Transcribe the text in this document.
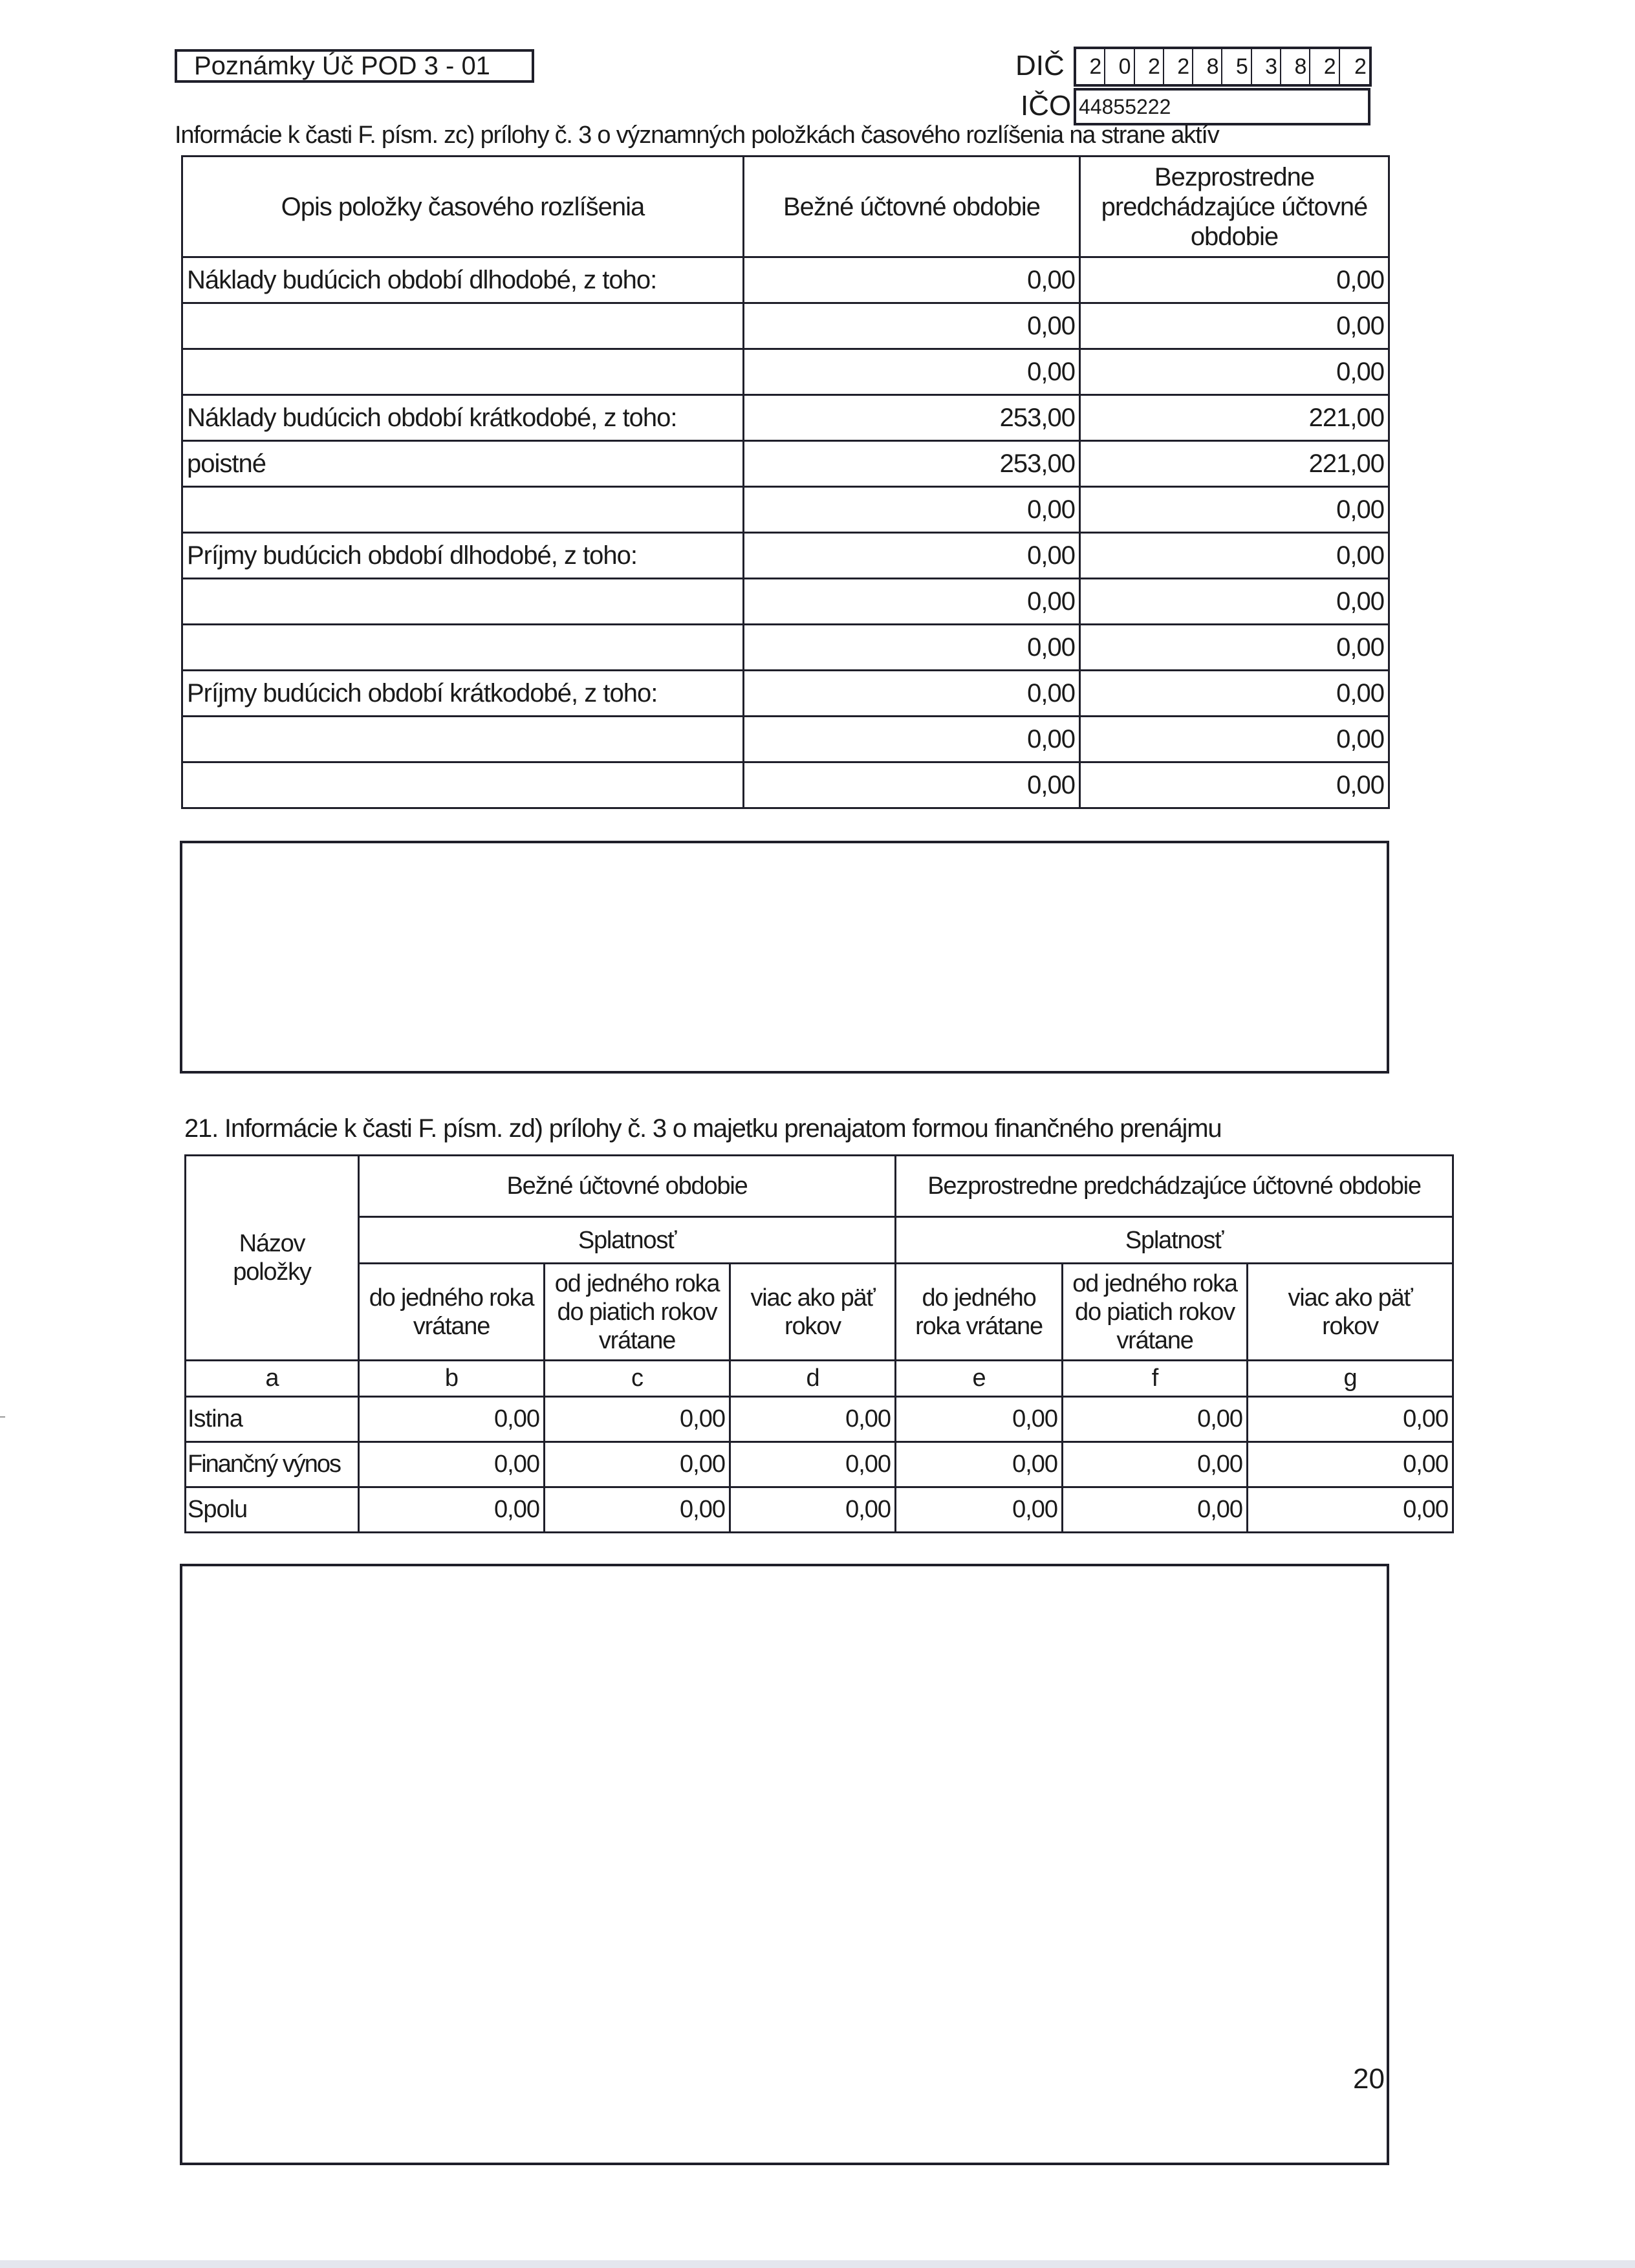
Poznámky Úč POD 3 - 01	DIČ	2 0 2 2 8 5 3 8 2 2
IČO 44855222
Informácie k časti F. písm. zc) prílohy č. 3 o významných položkách časového rozlíšenia na strane aktív
Opis položky časového rozlíšenia	Bežné účtovné obdobie	Bezprostredne predchádzajúce účtovné obdobie
Náklady budúcich období dlhodobé, z toho:	0,00	0,00
	0,00	0,00
	0,00	0,00
Náklady budúcich období krátkodobé, z toho:	253,00	221,00
poistné	253,00	221,00
	0,00	0,00
Príjmy budúcich období dlhodobé, z toho:	0,00	0,00
	0,00	0,00
	0,00	0,00
Príjmy budúcich období krátkodobé, z toho:	0,00	0,00
	0,00	0,00
	0,00	0,00
21. Informácie k časti F. písm. zd) prílohy č. 3 o majetku prenajatom formou finančného prenájmu
Názov položky	Bežné účtovné obdobie			Bezprostredne predchádzajúce účtovné obdobie		
	Splatnosť			Splatnosť		
	do jedného roka vrátane	od jedného roka do piatich rokov vrátane	viac ako päť rokov	do jedného roka vrátane	od jedného roka do piatich rokov vrátane	viac ako päť rokov
a	b	c	d	e	f	g
Istina	0,00	0,00	0,00	0,00	0,00	0,00
Finančný výnos	0,00	0,00	0,00	0,00	0,00	0,00
Spolu	0,00	0,00	0,00	0,00	0,00	0,00
20
